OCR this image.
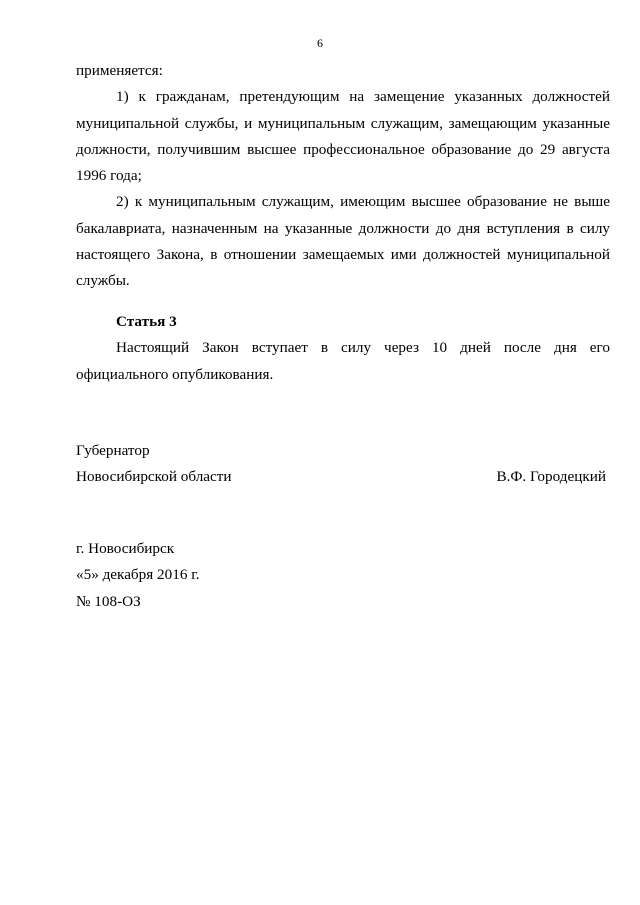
6
применяется:
1) к гражданам, претендующим на замещение указанных должностей
муниципальной службы, и муниципальным служащим, замещающим указанные
должности, получившим высшее профессиональное образование до 29 августа
1996 года;
2) к муниципальным служащим, имеющим высшее образование не выше
бакалавриата, назначенным на указанные должности до дня вступления в силу
настоящего Закона, в отношении замещаемых ими должностей муниципальной
службы.
Статья 3
Настоящий Закон вступает в силу через 10 дней после дня его
официального опубликования.
Губернатор
Новосибирской области	В.Ф. Городецкий
г. Новосибирск
«5» декабря 2016 г.
№ 108-ОЗ
